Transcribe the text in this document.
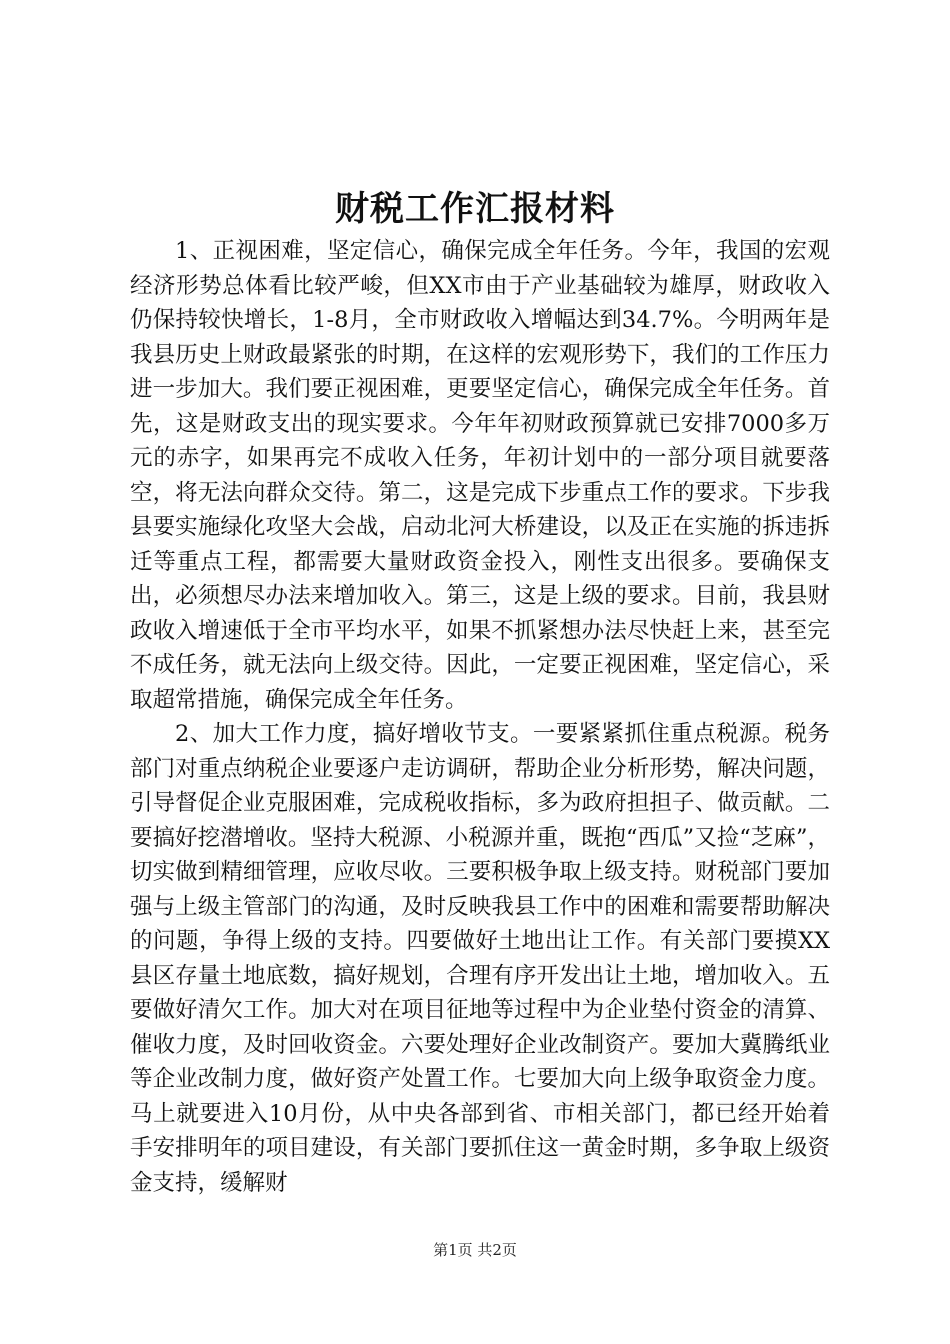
财税工作汇报材料

1、正视困难，坚定信心，确保完成全年任务。今年，我国的宏观经济形势总体看比较严峻，但XX市由于产业基础较为雄厚，财政收入仍保持较快增长，1-8月，全市财政收入增幅达到34.7%。今明两年是我县历史上财政最紧张的时期，在这样的宏观形势下，我们的工作压力进一步加大。我们要正视困难，更要坚定信心，确保完成全年任务。首先，这是财政支出的现实要求。今年年初财政预算就已安排7000多万元的赤字，如果再完不成收入任务，年初计划中的一部分项目就要落空，将无法向群众交待。第二，这是完成下步重点工作的要求。下步我县要实施绿化攻坚大会战，启动北河大桥建设，以及正在实施的拆违拆迁等重点工程，都需要大量财政资金投入，刚性支出很多。要确保支出，必须想尽办法来增加收入。第三，这是上级的要求。目前，我县财政收入增速低于全市平均水平，如果不抓紧想办法尽快赶上来，甚至完不成任务，就无法向上级交待。因此，一定要正视困难，坚定信心，采取超常措施，确保完成全年任务。

2、加大工作力度，搞好增收节支。一要紧紧抓住重点税源。税务部门对重点纳税企业要逐户走访调研，帮助企业分析形势，解决问题，引导督促企业克服困难，完成税收指标，多为政府担担子、做贡献。二要搞好挖潜增收。坚持大税源、小税源并重，既抱“西瓜”又捡“芝麻”，切实做到精细管理，应收尽收。三要积极争取上级支持。财税部门要加强与上级主管部门的沟通，及时反映我县工作中的困难和需要帮助解决的问题，争得上级的支持。四要做好土地出让工作。有关部门要摸XX县区存量土地底数，搞好规划，合理有序开发出让土地，增加收入。五要做好清欠工作。加大对在项目征地等过程中为企业垫付资金的清算、催收力度，及时回收资金。六要处理好企业改制资产。要加大冀腾纸业等企业改制力度，做好资产处置工作。七要加大向上级争取资金力度。马上就要进入10月份，从中央各部到省、市相关部门，都已经开始着手安排明年的项目建设，有关部门要抓住这一黄金时期，多争取上级资金支持，缓解财

第1页 共2页
